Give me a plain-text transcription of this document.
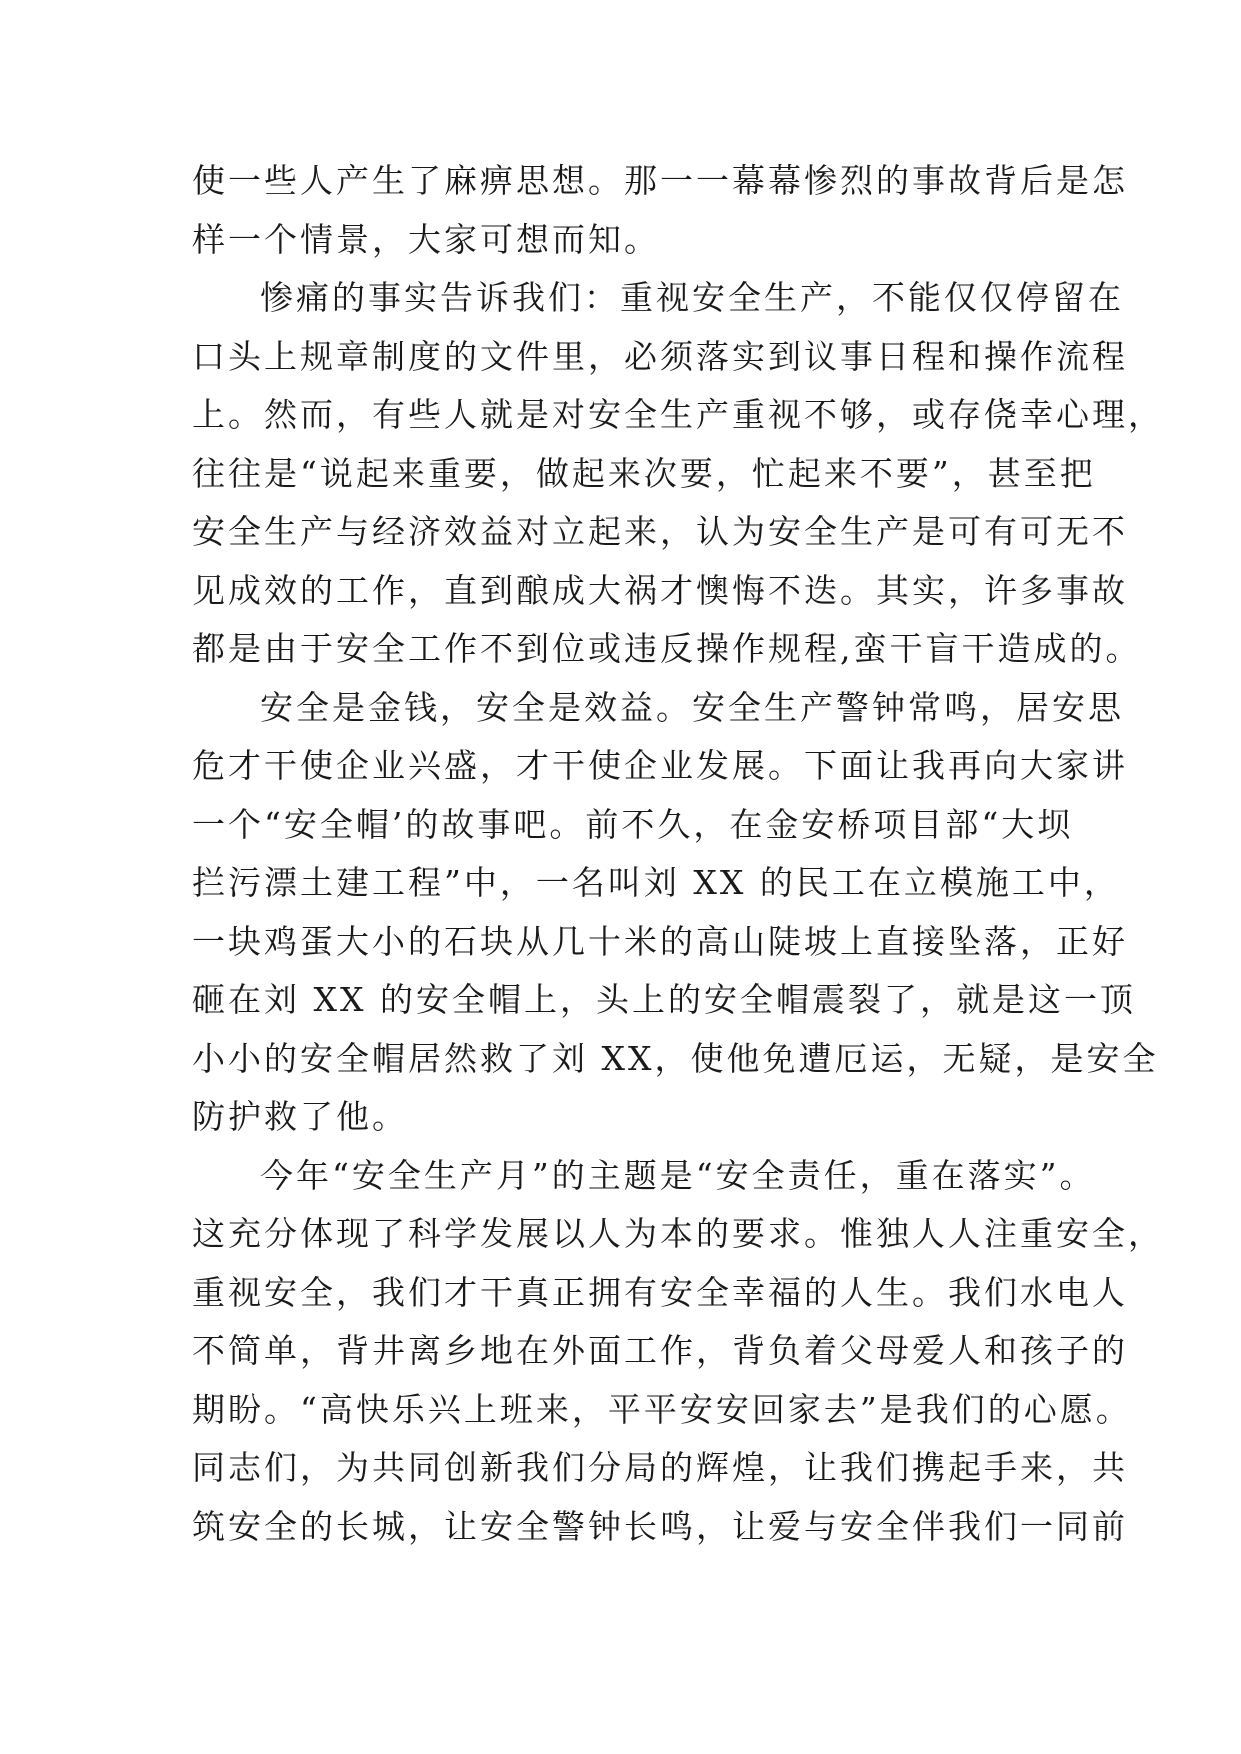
使一些人产生了麻痹思想。那一一幕幕惨烈的事故背后是怎
样一个情景，大家可想而知。
惨痛的事实告诉我们：重视安全生产，不能仅仅停留在
口头上规章制度的文件里，必须落实到议事日程和操作流程
上。然而，有些人就是对安全生产重视不够，或存侥幸心理，
往往是“说起来重要，做起来次要，忙起来不要”，甚至把
安全生产与经济效益对立起来，认为安全生产是可有可无不
见成效的工作，直到酿成大祸才懊悔不迭。其实，许多事故
都是由于安全工作不到位或违反操作规程,蛮干盲干造成的。
安全是金钱，安全是效益。安全生产警钟常鸣，居安思
危才干使企业兴盛，才干使企业发展。下面让我再向大家讲
一个“安全帽’的故事吧。前不久，在金安桥项目部“大坝
拦污漂土建工程”中，一名叫刘 XX 的民工在立模施工中，
一块鸡蛋大小的石块从几十米的高山陡坡上直接坠落，正好
砸在刘 XX 的安全帽上，头上的安全帽震裂了，就是这一顶
小小的安全帽居然救了刘 XX，使他免遭厄运，无疑，是安全
防护救了他。
今年“安全生产月”的主题是“安全责任，重在落实”。
这充分体现了科学发展以人为本的要求。惟独人人注重安全，
重视安全，我们才干真正拥有安全幸福的人生。我们水电人
不简单，背井离乡地在外面工作，背负着父母爱人和孩子的
期盼。“高快乐兴上班来，平平安安回家去”是我们的心愿。
同志们，为共同创新我们分局的辉煌，让我们携起手来，共
筑安全的长城，让安全警钟长鸣，让爱与安全伴我们一同前
